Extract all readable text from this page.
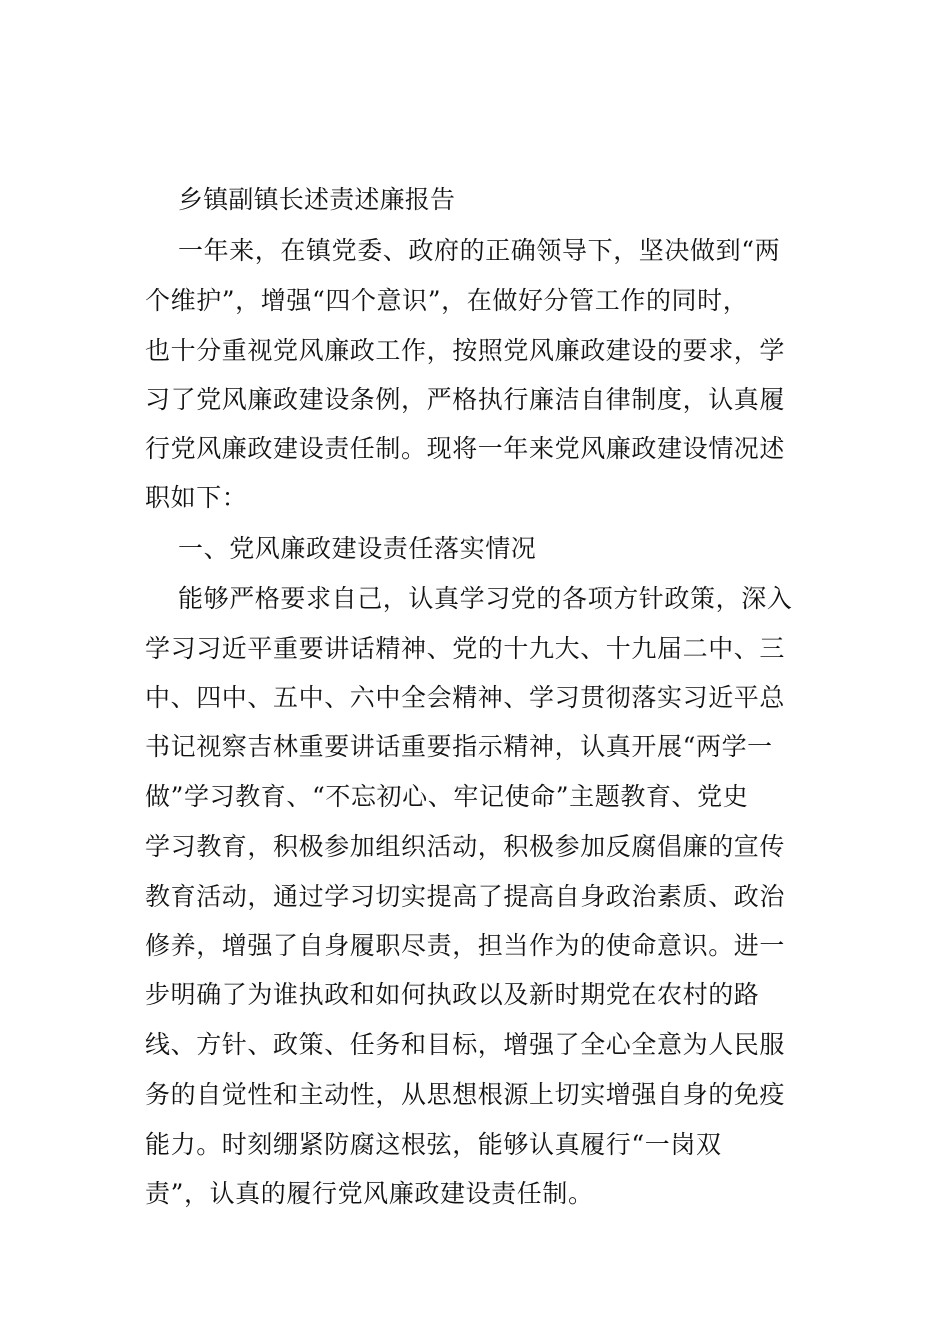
乡镇副镇长述责述廉报告
一年来，在镇党委、政府的正确领导下，坚决做到“两
个维护”，增强“四个意识”，在做好分管工作的同时，
也十分重视党风廉政工作，按照党风廉政建设的要求，学
习了党风廉政建设条例，严格执行廉洁自律制度，认真履
行党风廉政建设责任制。现将一年来党风廉政建设情况述
职如下：
一、党风廉政建设责任落实情况
能够严格要求自己，认真学习党的各项方针政策，深入
学习习近平重要讲话精神、党的十九大、十九届二中、三
中、四中、五中、六中全会精神、学习贯彻落实习近平总
书记视察吉林重要讲话重要指示精神，认真开展“两学一
做”学习教育、“不忘初心、牢记使命”主题教育、党史
学习教育，积极参加组织活动，积极参加反腐倡廉的宣传
教育活动，通过学习切实提高了提高自身政治素质、政治
修养，增强了自身履职尽责，担当作为的使命意识。进一
步明确了为谁执政和如何执政以及新时期党在农村的路
线、方针、政策、任务和目标，增强了全心全意为人民服
务的自觉性和主动性，从思想根源上切实增强自身的免疫
能力。时刻绷紧防腐这根弦，能够认真履行“一岗双
责”，认真的履行党风廉政建设责任制。
